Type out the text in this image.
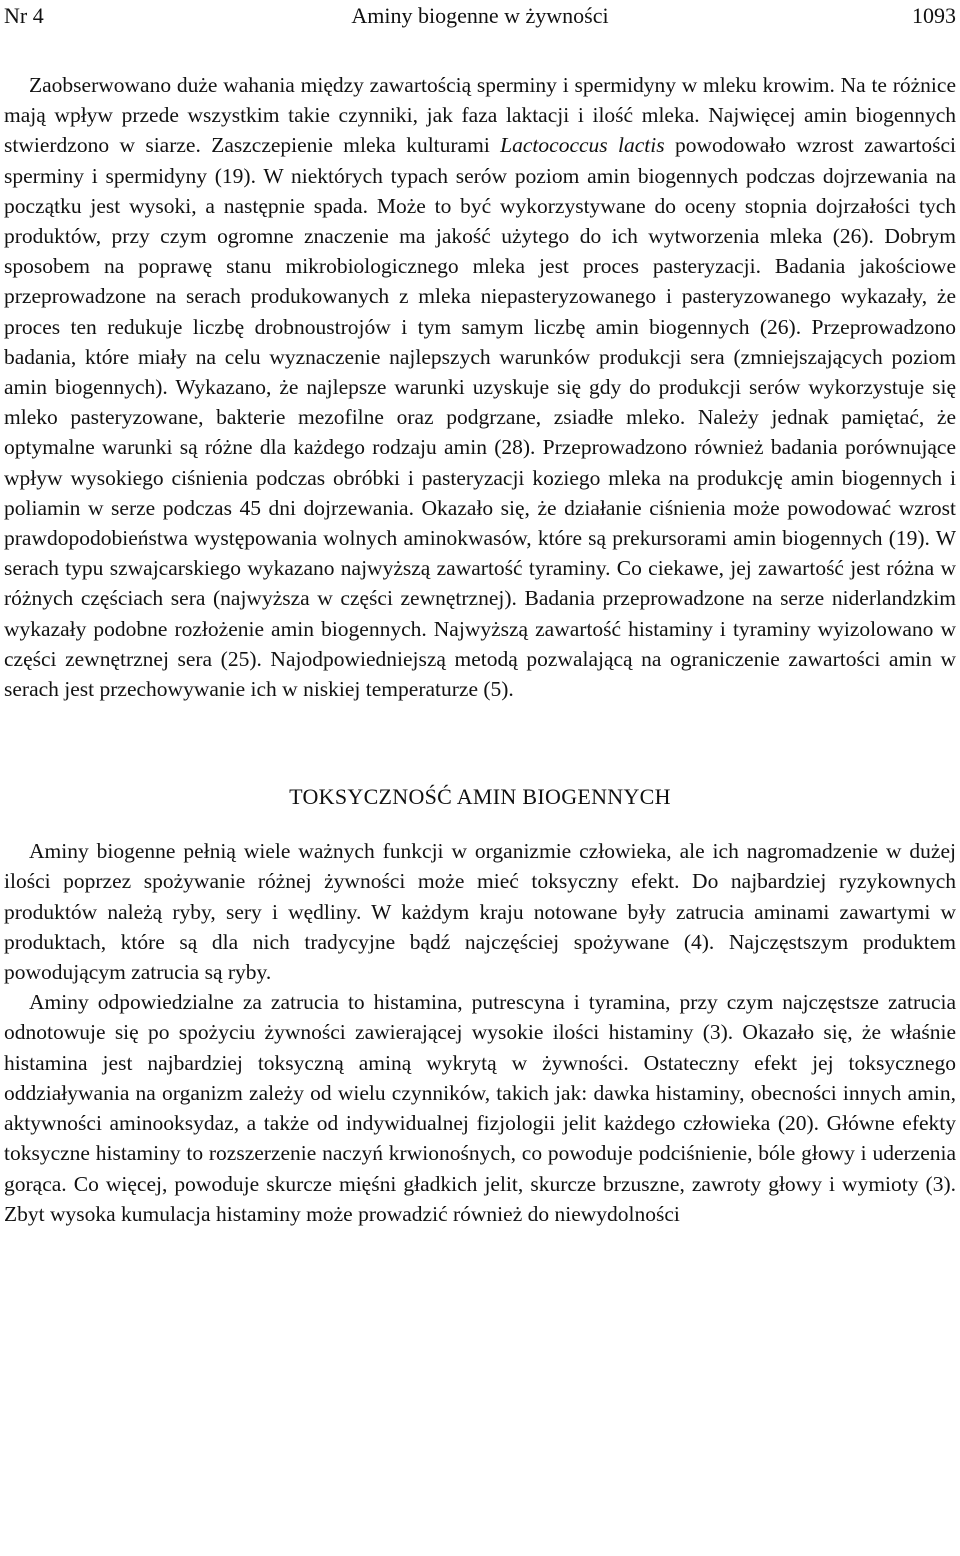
Nr 4	Aminy biogenne w żywności	1093

Zaobserwowano duże wahania między zawartością sperminy i spermidyny w mleku krowim. Na te różnice mają wpływ przede wszystkim takie czynniki, jak faza laktacji i ilość mleka. Najwięcej amin biogennych stwierdzono w siarze. Zaszczepienie mleka kulturami Lactococcus lactis powodowało wzrost zawartości sperminy i spermidyny (19). W niektórych typach serów poziom amin biogennych podczas dojrzewania na początku jest wysoki, a następnie spada. Może to być wykorzystywane do oceny stopnia dojrzałości tych produktów, przy czym ogromne znaczenie ma jakość użytego do ich wytworzenia mleka (26). Dobrym sposobem na poprawę stanu mikrobiologicznego mleka jest proces pasteryzacji. Badania jakościowe przeprowadzone na serach produkowanych z mleka niepasteryzowanego i pasteryzowanego wykazały, że proces ten redukuje liczbę drobnoustrojów i tym samym liczbę amin biogennych (26). Przeprowadzono badania, które miały na celu wyznaczenie najlepszych warunków produkcji sera (zmniejszających poziom amin biogennych). Wykazano, że najlepsze warunki uzyskuje się gdy do produkcji serów wykorzystuje się mleko pasteryzowane, bakterie mezofilne oraz podgrzane, zsiadłe mleko. Należy jednak pamiętać, że optymalne warunki są różne dla każdego rodzaju amin (28). Przeprowadzono również badania porównujące wpływ wysokiego ciśnienia podczas obróbki i pasteryzacji koziego mleka na produkcję amin biogennych i poliamin w serze podczas 45 dni dojrzewania. Okazało się, że działanie ciśnienia może powodować wzrost prawdopodobieństwa występowania wolnych aminokwasów, które są prekursorami amin biogennych (19). W serach typu szwajcarskiego wykazano najwyższą zawartość tyraminy. Co ciekawe, jej zawartość jest różna w różnych częściach sera (najwyższa w części zewnętrznej). Badania przeprowadzone na serze niderlandzkim wykazały podobne rozłożenie amin biogennych. Najwyższą zawartość histaminy i tyraminy wyizolowano w części zewnętrznej sera (25). Najodpowiedniejszą metodą pozwalającą na ograniczenie zawartości amin w serach jest przechowywanie ich w niskiej temperaturze (5).

TOKSYCZNOŚĆ AMIN BIOGENNYCH

Aminy biogenne pełnią wiele ważnych funkcji w organizmie człowieka, ale ich nagromadzenie w dużej ilości poprzez spożywanie różnej żywności może mieć toksyczny efekt. Do najbardziej ryzykownych produktów należą ryby, sery i wędliny. W każdym kraju notowane były zatrucia aminami zawartymi w produktach, które są dla nich tradycyjne bądź najczęściej spożywane (4). Najczęstszym produktem powodującym zatrucia są ryby.

Aminy odpowiedzialne za zatrucia to histamina, putrescyna i tyramina, przy czym najczęstsze zatrucia odnotowuje się po spożyciu żywności zawierającej wysokie ilości histaminy (3). Okazało się, że właśnie histamina jest najbardziej toksyczną aminą wykrytą w żywności. Ostateczny efekt jej toksycznego oddziaływania na organizm zależy od wielu czynników, takich jak: dawka histaminy, obecności innych amin, aktywności aminooksydaz, a także od indywidualnej fizjologii jelit każdego człowieka (20). Główne efekty toksyczne histaminy to rozszerzenie naczyń krwionośnych, co powoduje podciśnienie, bóle głowy i uderzenia gorąca. Co więcej, powoduje skurcze mięśni gładkich jelit, skurcze brzuszne, zawroty głowy i wymioty (3). Zbyt wysoka kumulacja histaminy może prowadzić również do niewydolności
